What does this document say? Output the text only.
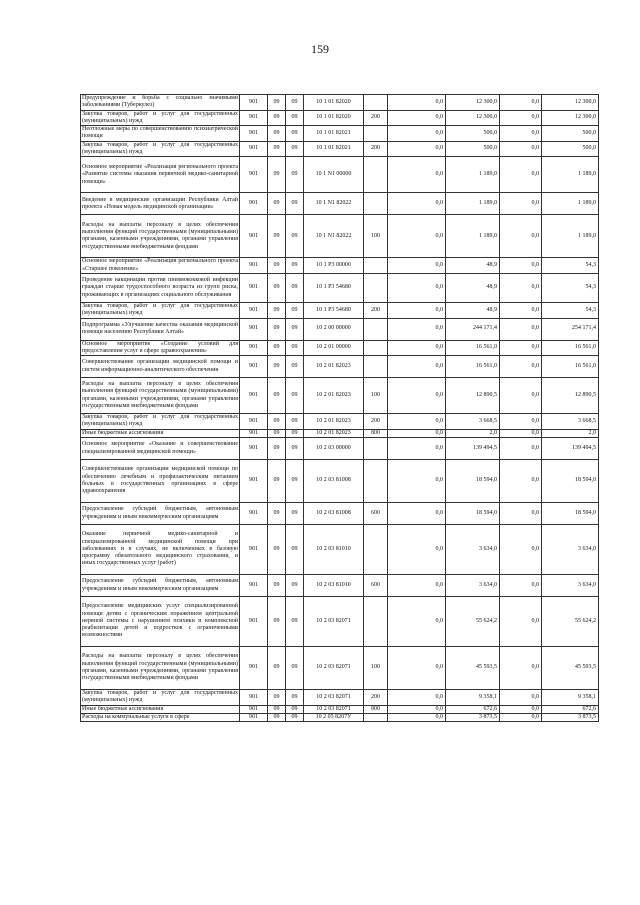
159
Предупреждение и борьба с социально значимыми заболеваниями (Туберкулез)	901	09	09	10 1 01 82020		0,0	12 300,0	0,0	12 300,0
Закупка товаров, работ и услуг для государственных (муниципальных) нужд	901	09	09	10 1 01 82020	200	0,0	12 300,0	0,0	12 300,0
Неотложные меры по совершенствованию психиатрической помощи	901	09	09	10 1 01 82021		0,0	500,0	0,0	500,0
Закупка товаров, работ и услуг для государственных (муниципальных) нужд	901	09	09	10 1 01 82021	200	0,0	500,0	0,0	500,0
Основное мероприятие «Реализация регионального проекта «Развитие системы оказания первичной медико-санитарной помощи»	901	09	09	10 1 N1 00000		0,0	1 189,0	0,0	1 189,0
Введение в медицинские организации Республики Алтай проекта «Новая модель медицинской организации»	901	09	09	10 1 N1 82022		0,0	1 189,0	0,0	1 189,0
Расходы на выплаты персоналу в целях обеспечения выполнения функций государственными (муниципальными) органами, казенными учреждениями, органами управления государственными внебюджетными фондами	901	09	09	10 1 N1 82022	100	0,0	1 189,0	0,0	1 189,0
Основное мероприятие «Реализация регионального проекта «Старшее поколение»	901	09	09	10 1 P3 00000		0,0	48,9	0,0	54,3
Проведение вакцинации против пневмококковой инфекции граждан старше трудоспособного возраста из групп риска, проживающих в организациях социального обслуживания	901	09	09	10 1 P3 54680		0,0	48,9	0,0	54,3
Закупка товаров, работ и услуг для государственных (муниципальных) нужд	901	09	09	10 1 P3 54680	200	0,0	48,9	0,0	54,3
Подпрограмма «Улучшение качества оказания медицинской помощи населению Республики Алтай»	901	09	09	10 2 00 00000		0,0	244 171,4	0,0	254 171,4
Основное мероприятие «Создание условий для предоставления услуг в сфере здравоохранения»	901	09	09	10 2 01 00000		0,0	16 561,0	0,0	16 561,0
Совершенствование организации медицинской помощи и систем информационно-аналитического обеспечения	901	09	09	10 2 01 82023		0,0	16 561,0	0,0	16 561,0
Расходы на выплаты персоналу в целях обеспечения выполнения функций государственными (муниципальными) органами, казенными учреждениями, органами управления государственными внебюджетными фондами	901	09	09	10 2 01 82023	100	0,0	12 890,5	0,0	12 890,5
Закупка товаров, работ и услуг для государственных (муниципальных) нужд	901	09	09	10 2 01 82023	200	0,0	3 668,5	0,0	3 668,5
Иные бюджетные ассигнования	901	09	09	10 2 01 82023	800	0,0	2,0	0,0	2,0
Основное мероприятие «Оказание и совершенствование специализированной медицинской помощи»	901	09	09	10 2 03 00000		0,0	139 494,5	0,0	139 494,5
Совершенствование организации медицинской помощи по обеспечению лечебным и профилактическим питанием больных в государственных организациях в сфере здравоохранения	901	09	09	10 2 03 81008		0,0	18 594,0	0,0	18 594,0
Предоставление субсидий бюджетным, автономным учреждениям и иным некоммерческим организациям	901	09	09	10 2 03 81008	600	0,0	18 594,0	0,0	18 594,0
Оказание первичной медико-санитарной и специализированной медицинской помощи при заболеваниях и в случаях, не включенных в базовую программу обязательного медицинского страхования, и иных государственных услуг (работ)	901	09	09	10 2 03 81010		0,0	3 634,0	0,0	3 634,0
Предоставление субсидий бюджетным, автономным учреждениям и иным некоммерческим организациям	901	09	09	10 2 03 81010	600	0,0	3 634,0	0,0	3 634,0
Предоставление медицинских услуг специализированной помощи детям с органическим поражением центральной нервной системы с нарушением психики и комплексной реабилитации детей и подростков с ограниченными возможностями	901	09	09	10 2 03 82071		0,0	55 624,2	0,0	55 624,2
Расходы на выплаты персоналу в целях обеспечения выполнения функций государственными (муниципальными) органами, казенными учреждениями, органами управления государственными внебюджетными фондами	901	09	09	10 2 03 82071	100	0,0	45 593,5	0,0	45 593,5
Закупка товаров, работ и услуг для государственных (муниципальных) нужд	901	09	09	10 2 03 82071	200	0,0	9 358,1	0,0	9 358,1
Иные бюджетные ассигнования	901	09	09	10 2 03 82071	800	0,0	672,6	0,0	672,6
Расходы на коммунальные услуги в сфере	901	09	09	10 2 05 8207У		0,0	3 873,5	0,0	3 873,5
